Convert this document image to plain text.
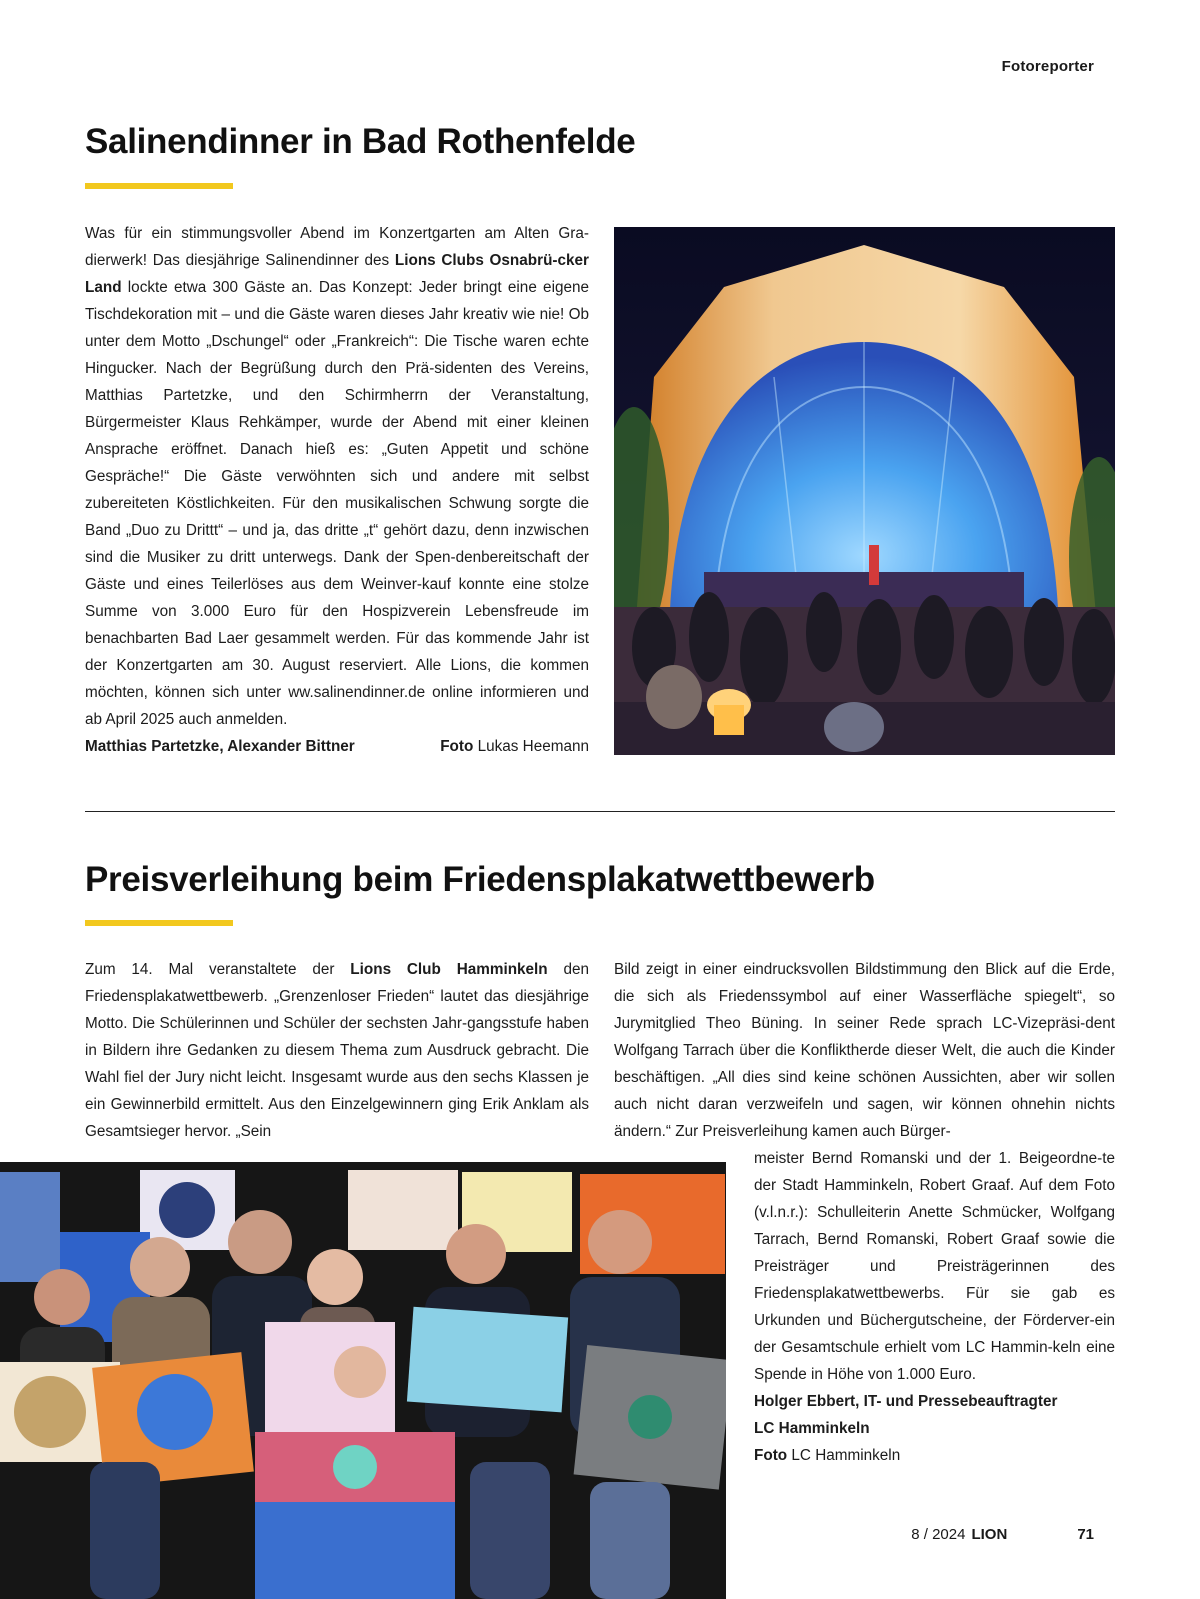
Fotoreporter
Salinendinner in Bad Rothenfelde

Was für ein stimmungsvoller Abend im Konzertgarten am Alten Gra-dierwerk! Das diesjährige Salinendinner des Lions Clubs Osnabrü-cker Land lockte etwa 300 Gäste an. Das Konzept: Jeder bringt eine eigene Tischdekoration mit – und die Gäste waren dieses Jahr kreativ wie nie! Ob unter dem Motto „Dschungel“ oder „Frankreich“: Die Tische waren echte Hingucker. Nach der Begrüßung durch den Prä-sidenten des Vereins, Matthias Partetzke, und den Schirmherrn der Veranstaltung, Bürgermeister Klaus Rehkämper, wurde der Abend mit einer kleinen Ansprache eröffnet. Danach hieß es: „Guten Appetit und schöne Gespräche!“ Die Gäste verwöhnten sich und andere mit selbst zubereiteten Köstlichkeiten. Für den musikalischen Schwung sorgte die Band „Duo zu Drittt“ – und ja, das dritte „t“ gehört dazu, denn inzwischen sind die Musiker zu dritt unterwegs. Dank der Spen-denbereitschaft der Gäste und eines Teilerlöses aus dem Weinver-kauf konnte eine stolze Summe von 3.000 Euro für den Hospizverein Lebensfreude im benachbarten Bad Laer gesammelt werden. Für das kommende Jahr ist der Konzertgarten am 30. August reserviert. Alle Lions, die kommen möchten, können sich unter ww.salinendinner.de online informieren und ab April 2025 auch anmelden.

Matthias Partetzke, Alexander Bittner	Foto Lukas Heemann
Preisverleihung beim Friedensplakatwettbewerb

Zum 14. Mal veranstaltete der Lions Club Hamminkeln den Friedensplakatwettbewerb. „Grenzenloser Frieden“ lautet das diesjährige Motto. Die Schülerinnen und Schüler der sechsten Jahr-gangsstufe haben in Bildern ihre Gedanken zu diesem Thema zum Ausdruck gebracht. Die Wahl fiel der Jury nicht leicht. Insgesamt wurde aus den sechs Klassen je ein Gewinnerbild ermittelt. Aus den Einzelgewinnern ging Erik Anklam als Gesamtsieger hervor. „Sein

Bild zeigt in einer eindrucksvollen Bildstimmung den Blick auf die Erde, die sich als Friedenssymbol auf einer Wasserfläche spiegelt“, so Jurymitglied Theo Büning. In seiner Rede sprach LC-Vizepräsi-dent Wolfgang Tarrach über die Konfliktherde dieser Welt, die auch die Kinder beschäftigen. „All dies sind keine schönen Aussichten, aber wir sollen auch nicht daran verzweifeln und sagen, wir können ohnehin nichts ändern.“ Zur Preisverleihung kamen auch Bürger-

meister Bernd Romanski und der 1. Beigeordne-te der Stadt Hamminkeln, Robert Graaf. Auf dem Foto (v.l.n.r.): Schulleiterin Anette Schmücker, Wolfgang Tarrach, Bernd Romanski, Robert Graaf sowie die Preisträger und Preisträgerinnen des Friedensplakatwettbewerbs. Für sie gab es Urkunden und Büchergutscheine, der Förderver-ein der Gesamtschule erhielt vom LC Hammin-keln eine Spende in Höhe von 1.000 Euro.

Holger Ebbert, IT- und Pressebeauftragter

LC Hamminkeln

Foto LC Hamminkeln

8 / 2024 LION	71
